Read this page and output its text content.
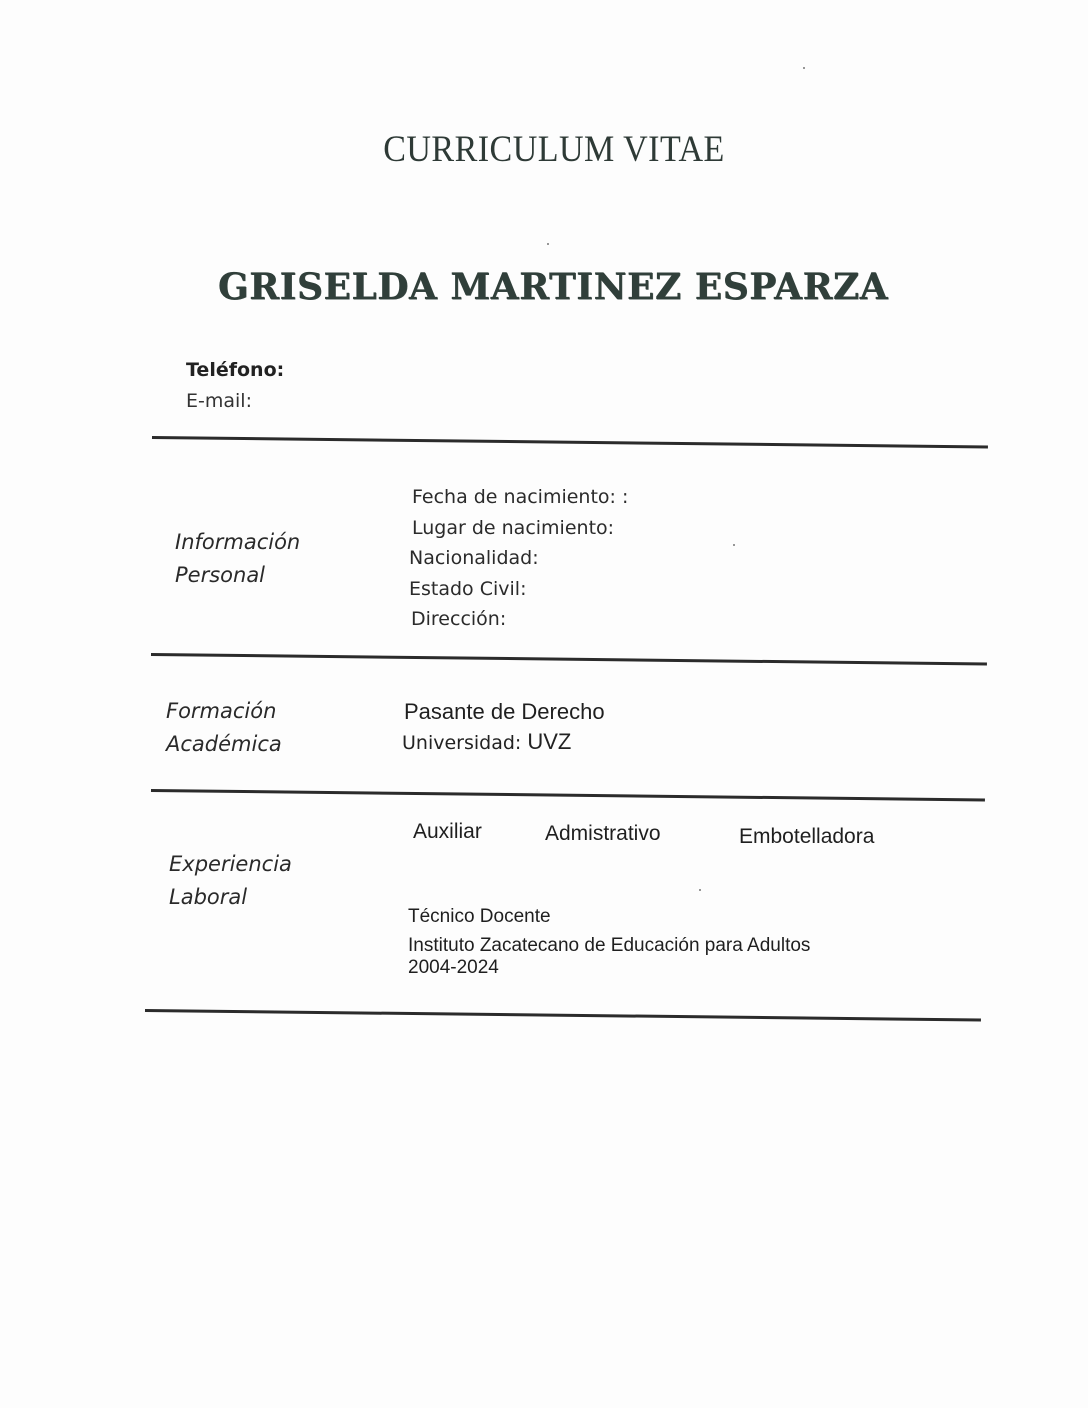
CURRICULUM VITAE
GRISELDA MARTINEZ ESPARZA
Teléfono:
E-mail:
Información
Personal
Fecha de nacimiento: :
Lugar de nacimiento:
Nacionalidad:
Estado Civil:
Dirección:
Formación
Académica
Pasante de Derecho
Universidad: UVZ
Experiencia
Laboral
Auxiliar	Admistrativo	Embotelladora
Técnico Docente
Instituto Zacatecano de Educación para Adultos
2004-2024
